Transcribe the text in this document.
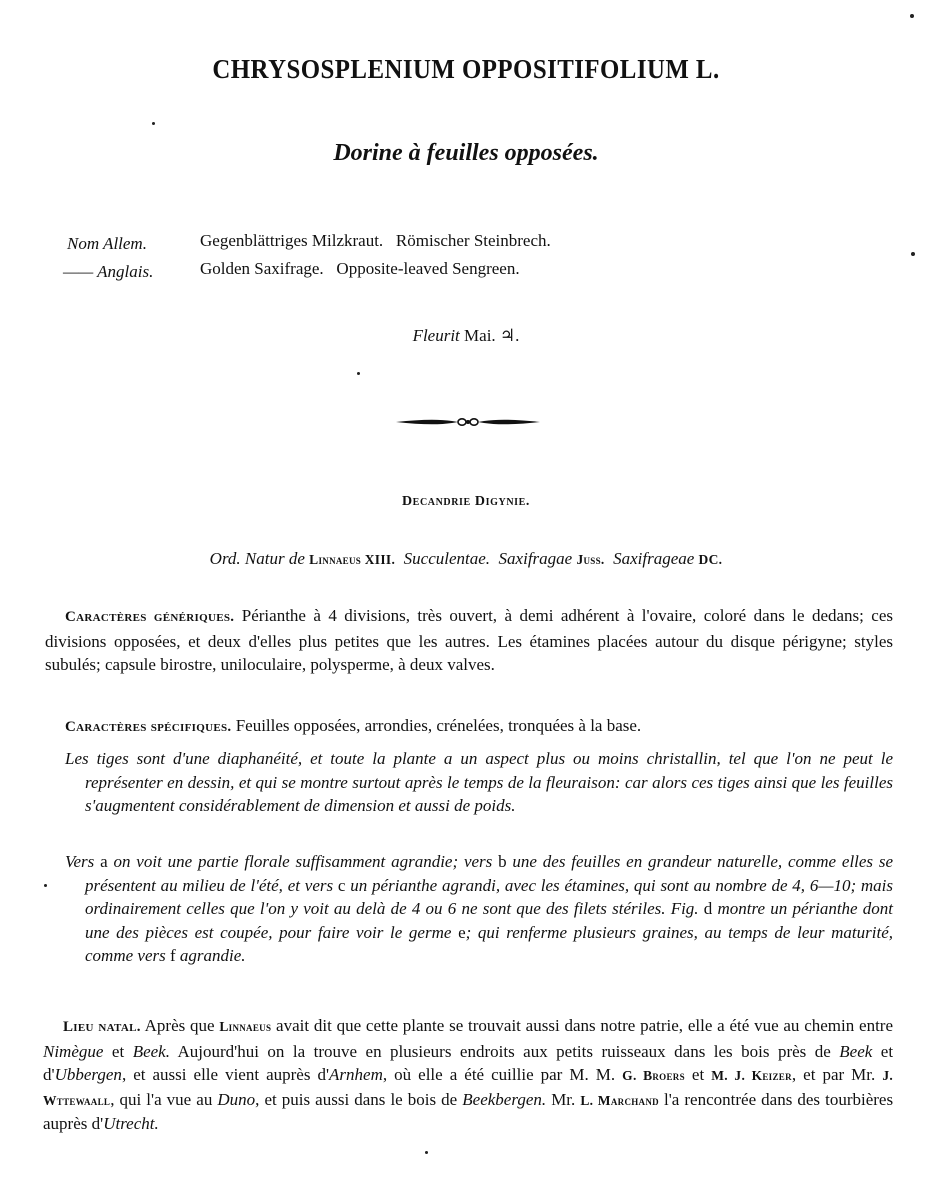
CHRYSOSPLENIUM OPPOSITIFOLIUM L.
Dorine à feuilles opposées.
Nom Allem.	Gegenblättriges Milzkraut.   Römischer Steinbrech.
—— Anglais.	Golden Saxifrage.   Opposite-leaved Sengreen.
Fleurit Mai. ♃.
Decandrie Digynie.
Ord. Natur de Linnaeus XIII. Succulentae. Saxifragae Juss. Saxifrageae DC.
Caractères génériques. Périanthe à 4 divisions, très ouvert, à demi adhérent à l'ovaire, coloré dans le dedans; ces divisions opposées, et deux d'elles plus petites que les autres. Les étamines placées autour du disque périgyne; styles subulés; capsule birostre, uniloculaire, polysperme, à deux valves.
Caractères spécifiques. Feuilles opposées, arrondies, crénelées, tronquées à la base.
Les tiges sont d'une diaphanéité, et toute la plante a un aspect plus ou moins christallin, tel que l'on ne peut le représenter en dessin, et qui se montre surtout après le temps de la fleuraison: car alors ces tiges ainsi que les feuilles s'augmentent considérablement de dimension et aussi de poids.
Vers a on voit une partie florale suffisamment agrandie; vers b une des feuilles en grandeur naturelle, comme elles se présentent au milieu de l'été, et vers c un périanthe agrandi, avec les étamines, qui sont au nombre de 4, 6—10; mais ordinairement celles que l'on y voit au delà de 4 ou 6 ne sont que des filets stériles. Fig. d montre un périanthe dont une des pièces est coupée, pour faire voir le germe e; qui renferme plusieurs graines, au temps de leur maturité, comme vers f agrandie.
Lieu natal. Après que Linnaeus avait dit que cette plante se trouvait aussi dans notre patrie, elle a été vue au chemin entre Nimègue et Beek. Aujourd'hui on la trouve en plusieurs endroits aux petits ruisseaux dans les bois près de Beek et d'Ubbergen, et aussi elle vient auprès d'Arnhem, où elle a été cuillie par M. M. G. Broers et M. J. Keizer, et par Mr. J. Wttewaall, qui l'a vue au Duno, et puis aussi dans le bois de Beekbergen. Mr. L. Marchand l'a rencontrée dans des tourbières auprès d'Utrecht.
